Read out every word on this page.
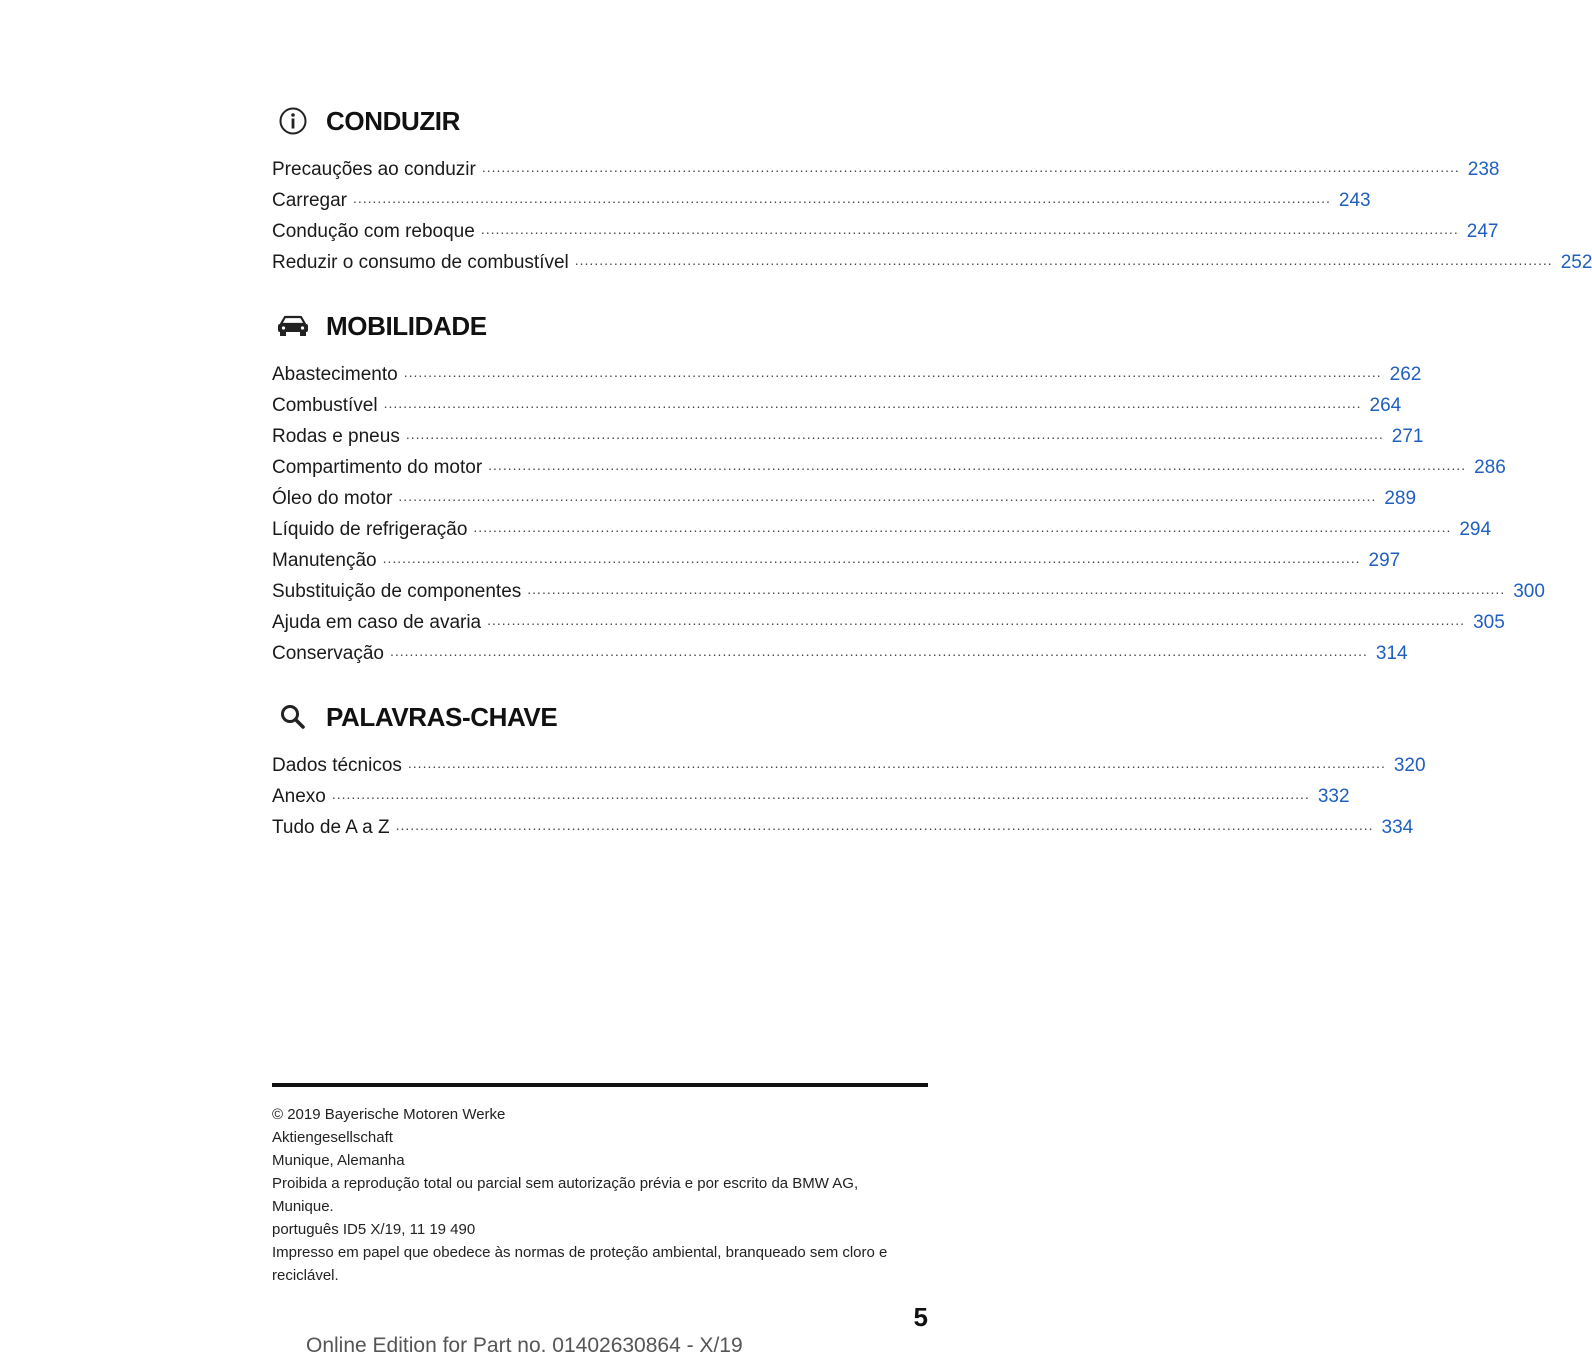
CONDUZIR
Precauções ao conduzir ........................................................................................................................................................................................................ 238
Carregar ........................................................................................................................................................................................................ 243
Condução com reboque ........................................................................................................................................................................................................ 247
Reduzir o consumo de combustível ........................................................................................................................................................................................................ 252
MOBILIDADE
Abastecimento ........................................................................................................................................................................................................ 262
Combustível ........................................................................................................................................................................................................ 264
Rodas e pneus ........................................................................................................................................................................................................ 271
Compartimento do motor ........................................................................................................................................................................................................ 286
Óleo do motor ........................................................................................................................................................................................................ 289
Líquido de refrigeração ........................................................................................................................................................................................................ 294
Manutenção ........................................................................................................................................................................................................ 297
Substituição de componentes ........................................................................................................................................................................................................ 300
Ajuda em caso de avaria ........................................................................................................................................................................................................ 305
Conservação ........................................................................................................................................................................................................ 314
PALAVRAS-CHAVE
Dados técnicos ........................................................................................................................................................................................................ 320
Anexo ........................................................................................................................................................................................................ 332
Tudo de A a Z ........................................................................................................................................................................................................ 334
© 2019 Bayerische Motoren Werke
Aktiengesellschaft
Munique, Alemanha
Proibida a reprodução total ou parcial sem autorização prévia e por escrito da BMW AG,
Munique.
português ID5 X/19, 11 19 490
Impresso em papel que obedece às normas de proteção ambiental, branqueado sem cloro e
reciclável.
5
Online Edition for Part no. 01402630864 - X/19
